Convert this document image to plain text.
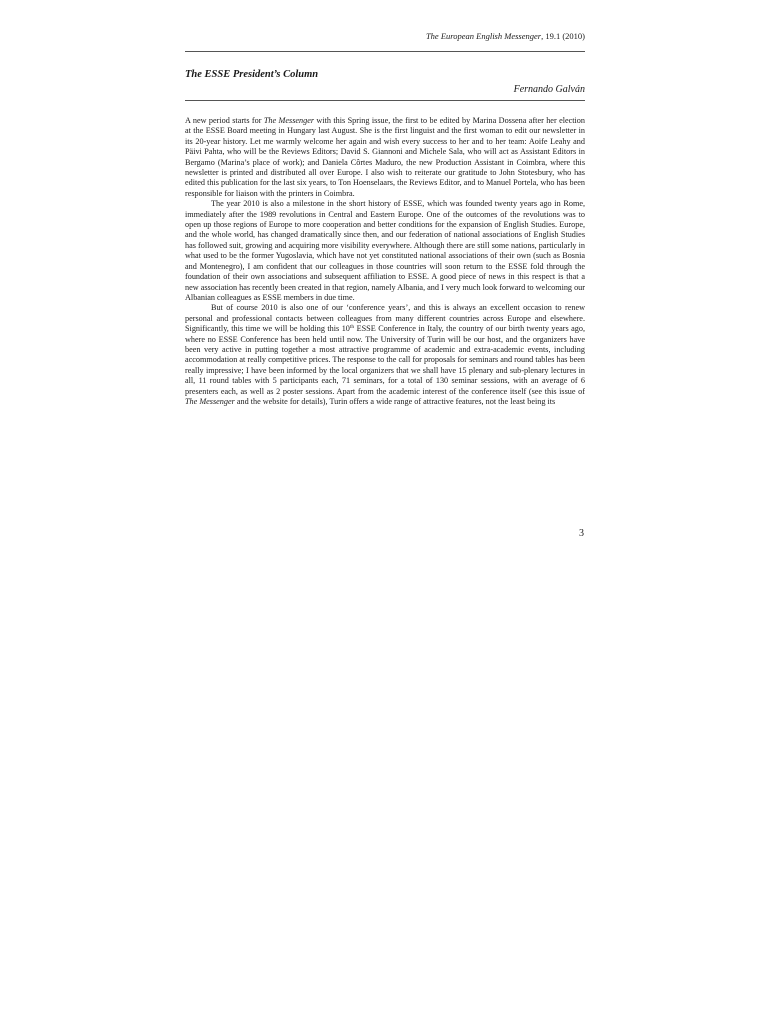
The European English Messenger, 19.1 (2010)
The ESSE President’s Column
Fernando Galván

A new period starts for The Messenger with this Spring issue, the first to be edited by Marina Dossena after her election at the ESSE Board meeting in Hungary last August. She is the first linguist and the first woman to edit our newsletter in its 20-year history. Let me warmly welcome her again and wish every success to her and to her team: Aoife Leahy and Päivi Pahta, who will be the Reviews Editors; David S. Giannoni and Michele Sala, who will act as Assistant Editors in Bergamo (Marina’s place of work); and Daniela Côrtes Maduro, the new Production Assistant in Coimbra, where this newsletter is printed and distributed all over Europe. I also wish to reiterate our gratitude to John Stotesbury, who has edited this publication for the last six years, to Ton Hoenselaars, the Reviews Editor, and to Manuel Portela, who has been responsible for liaison with the printers in Coimbra.

The year 2010 is also a milestone in the short history of ESSE, which was founded twenty years ago in Rome, immediately after the 1989 revolutions in Central and Eastern Europe. One of the outcomes of the revolutions was to open up those regions of Europe to more cooperation and better conditions for the expansion of English Studies. Europe, and the whole world, has changed dramatically since then, and our federation of national associations of English Studies has followed suit, growing and acquiring more visibility everywhere. Although there are still some nations, particularly in what used to be the former Yugoslavia, which have not yet constituted national associations of their own (such as Bosnia and Montenegro), I am confident that our colleagues in those countries will soon return to the ESSE fold through the foundation of their own associations and subsequent affiliation to ESSE. A good piece of news in this respect is that a new association has recently been created in that region, namely Albania, and I very much look forward to welcoming our Albanian colleagues as ESSE members in due time.

But of course 2010 is also one of our ‘conference years’, and this is always an excellent occasion to renew personal and professional contacts between colleagues from many different countries across Europe and elsewhere. Significantly, this time we will be holding this 10th ESSE Conference in Italy, the country of our birth twenty years ago, where no ESSE Conference has been held until now. The University of Turin will be our host, and the organizers have been very active in putting together a most attractive programme of academic and extra-academic events, including accommodation at really competitive prices. The response to the call for proposals for seminars and round tables has been really impressive; I have been informed by the local organizers that we shall have 15 plenary and sub-plenary lectures in all, 11 round tables with 5 participants each, 71 seminars, for a total of 130 seminar sessions, with an average of 6 presenters each, as well as 2 poster sessions. Apart from the academic interest of the conference itself (see this issue of The Messenger and the website for details), Turin offers a wide range of attractive features, not the least being its

3
